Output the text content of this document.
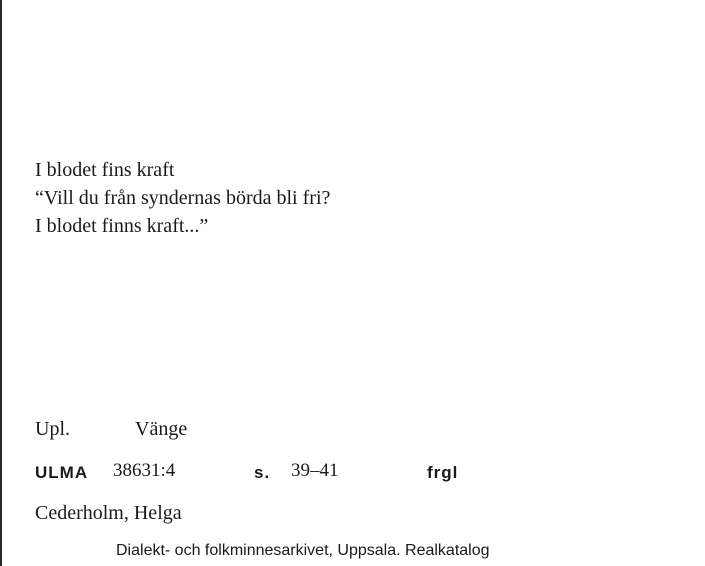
I blodet fins kraft
“Vill du från syndernas börda bli fri?
I blodet finns kraft...”
Upl.	Vänge
ULMA 38631:4	s. 39–41	frgl
Cederholm, Helga
Dialekt- och folkminnesarkivet, Uppsala. Realkatalog
